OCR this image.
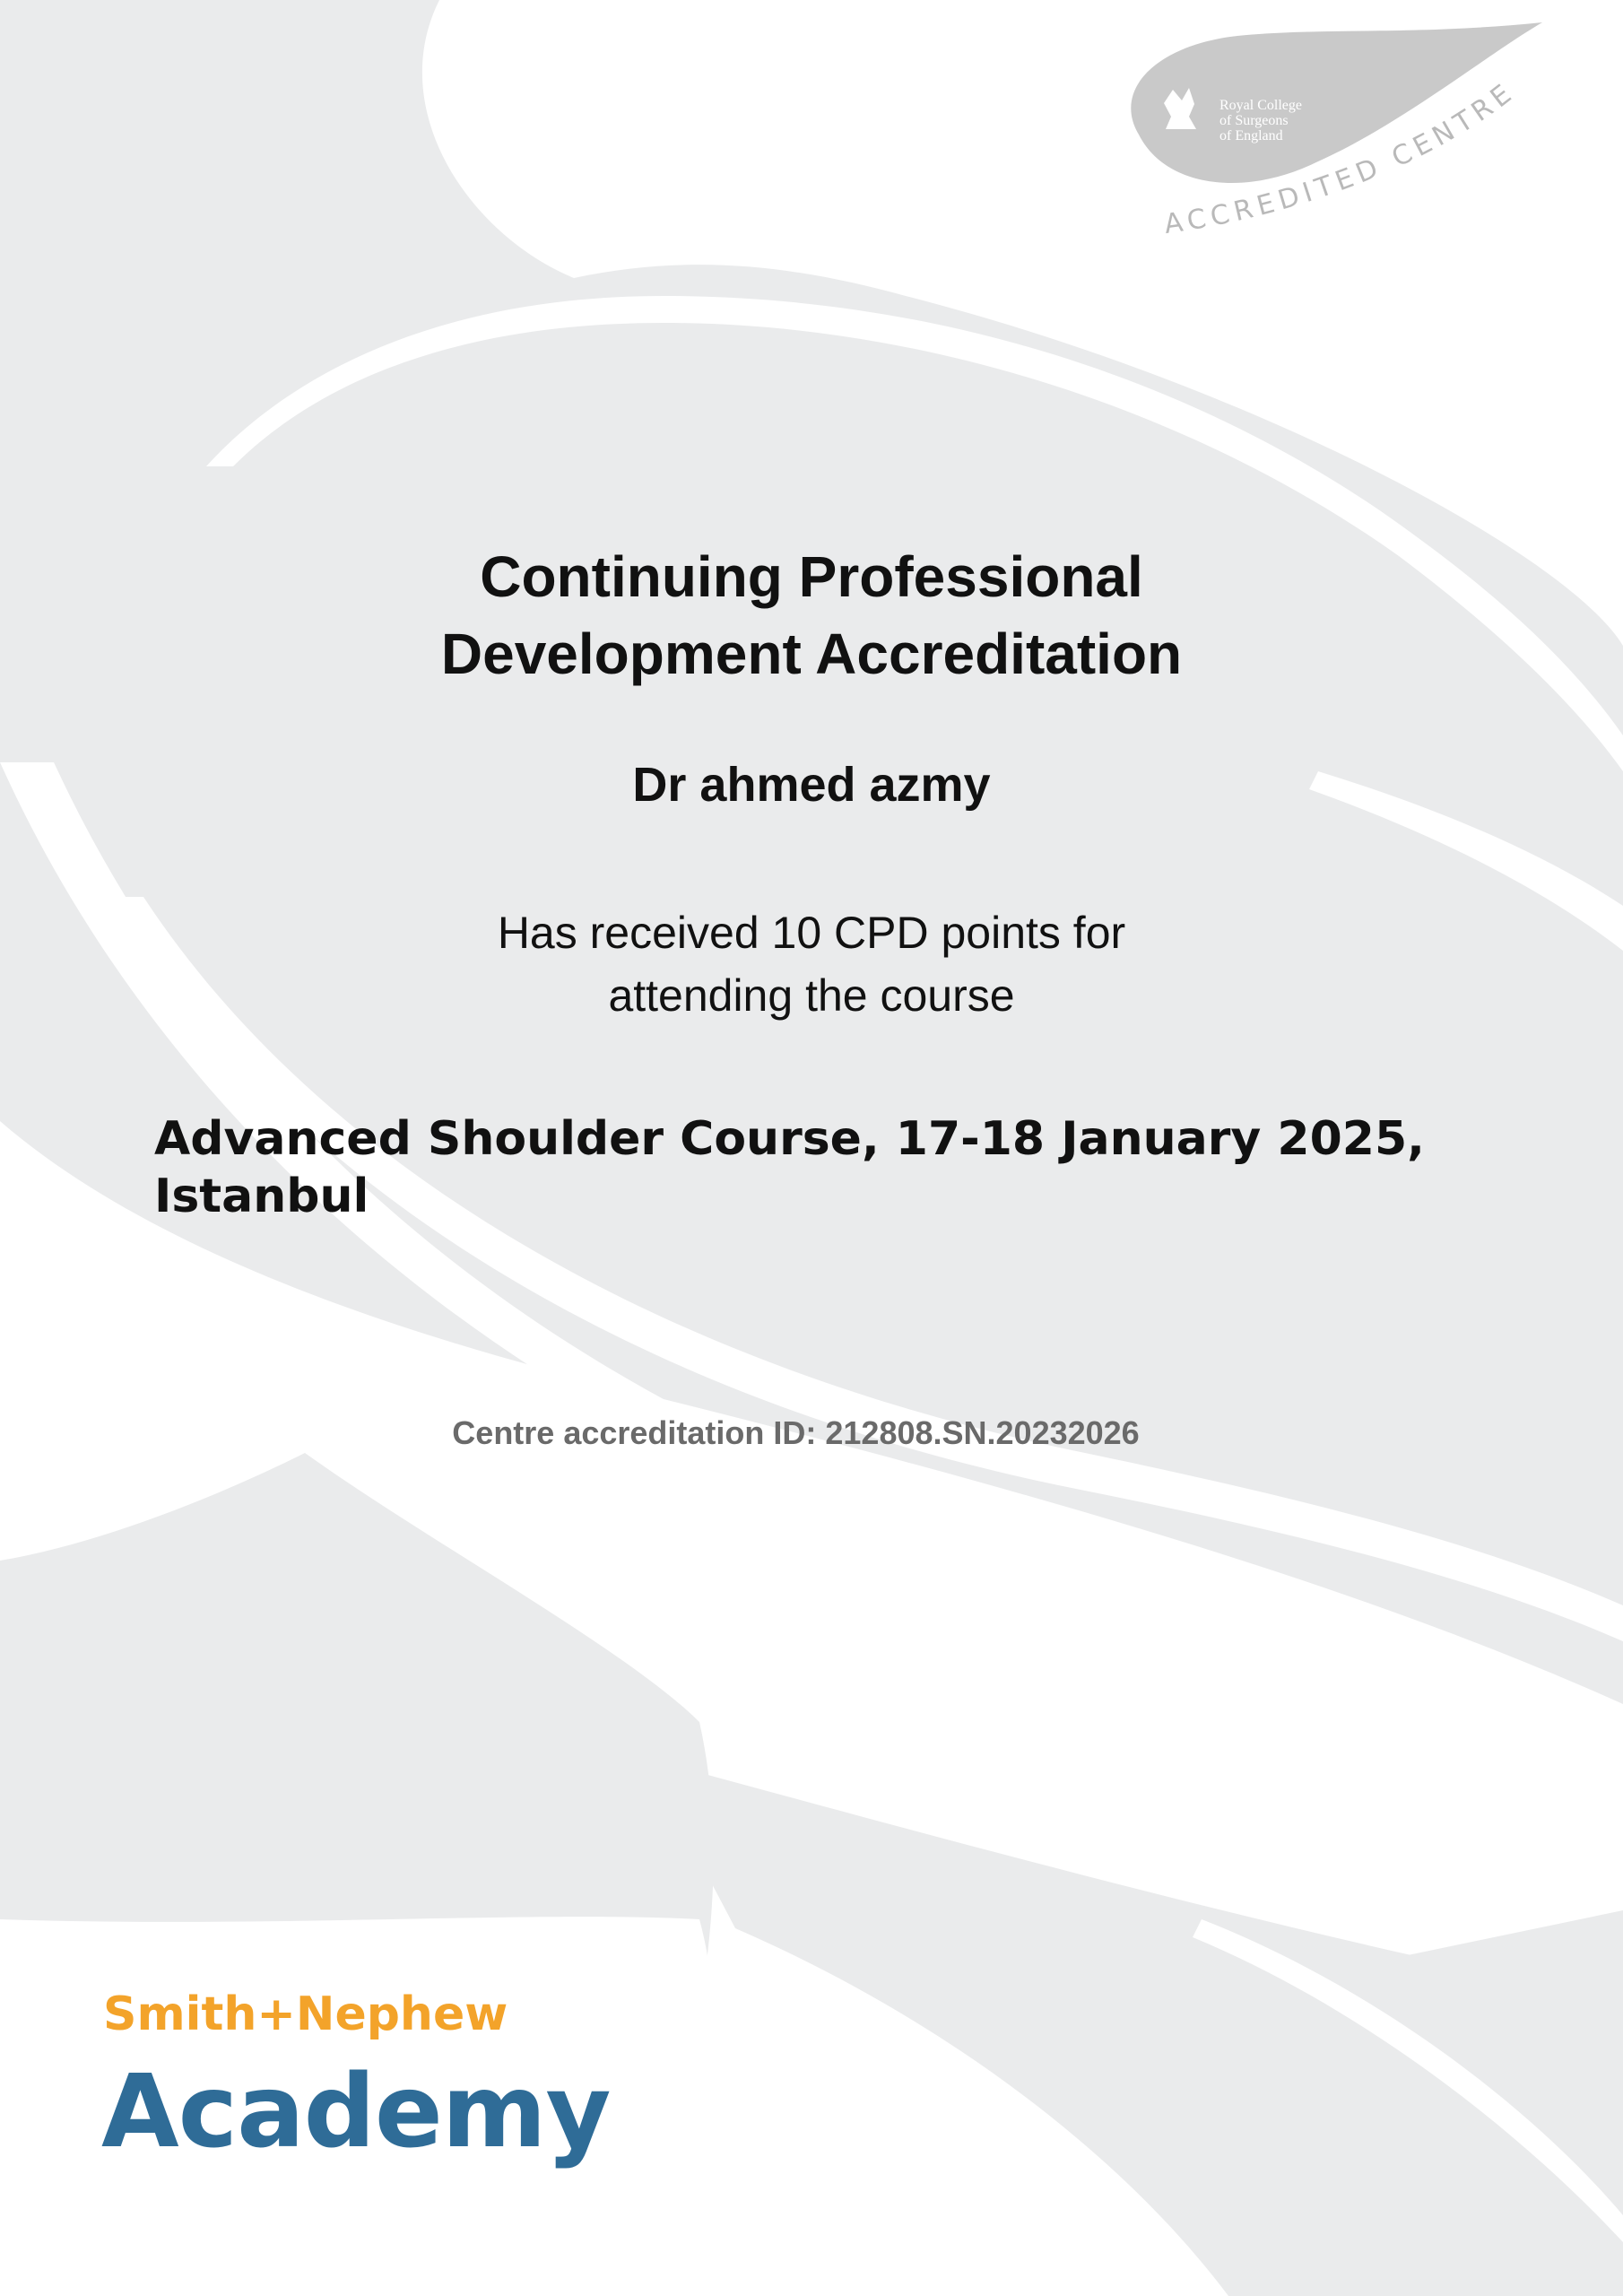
Royal College
of Surgeons
of England
ACCREDITED CENTRE
Continuing Professional
Development Accreditation
Dr ahmed azmy
Has received 10 CPD points for
attending the course
Advanced Shoulder Course, 17-18 January 2025,
Istanbul
Centre accreditation ID: 212808.SN.20232026
Smith+Nephew
Academy
